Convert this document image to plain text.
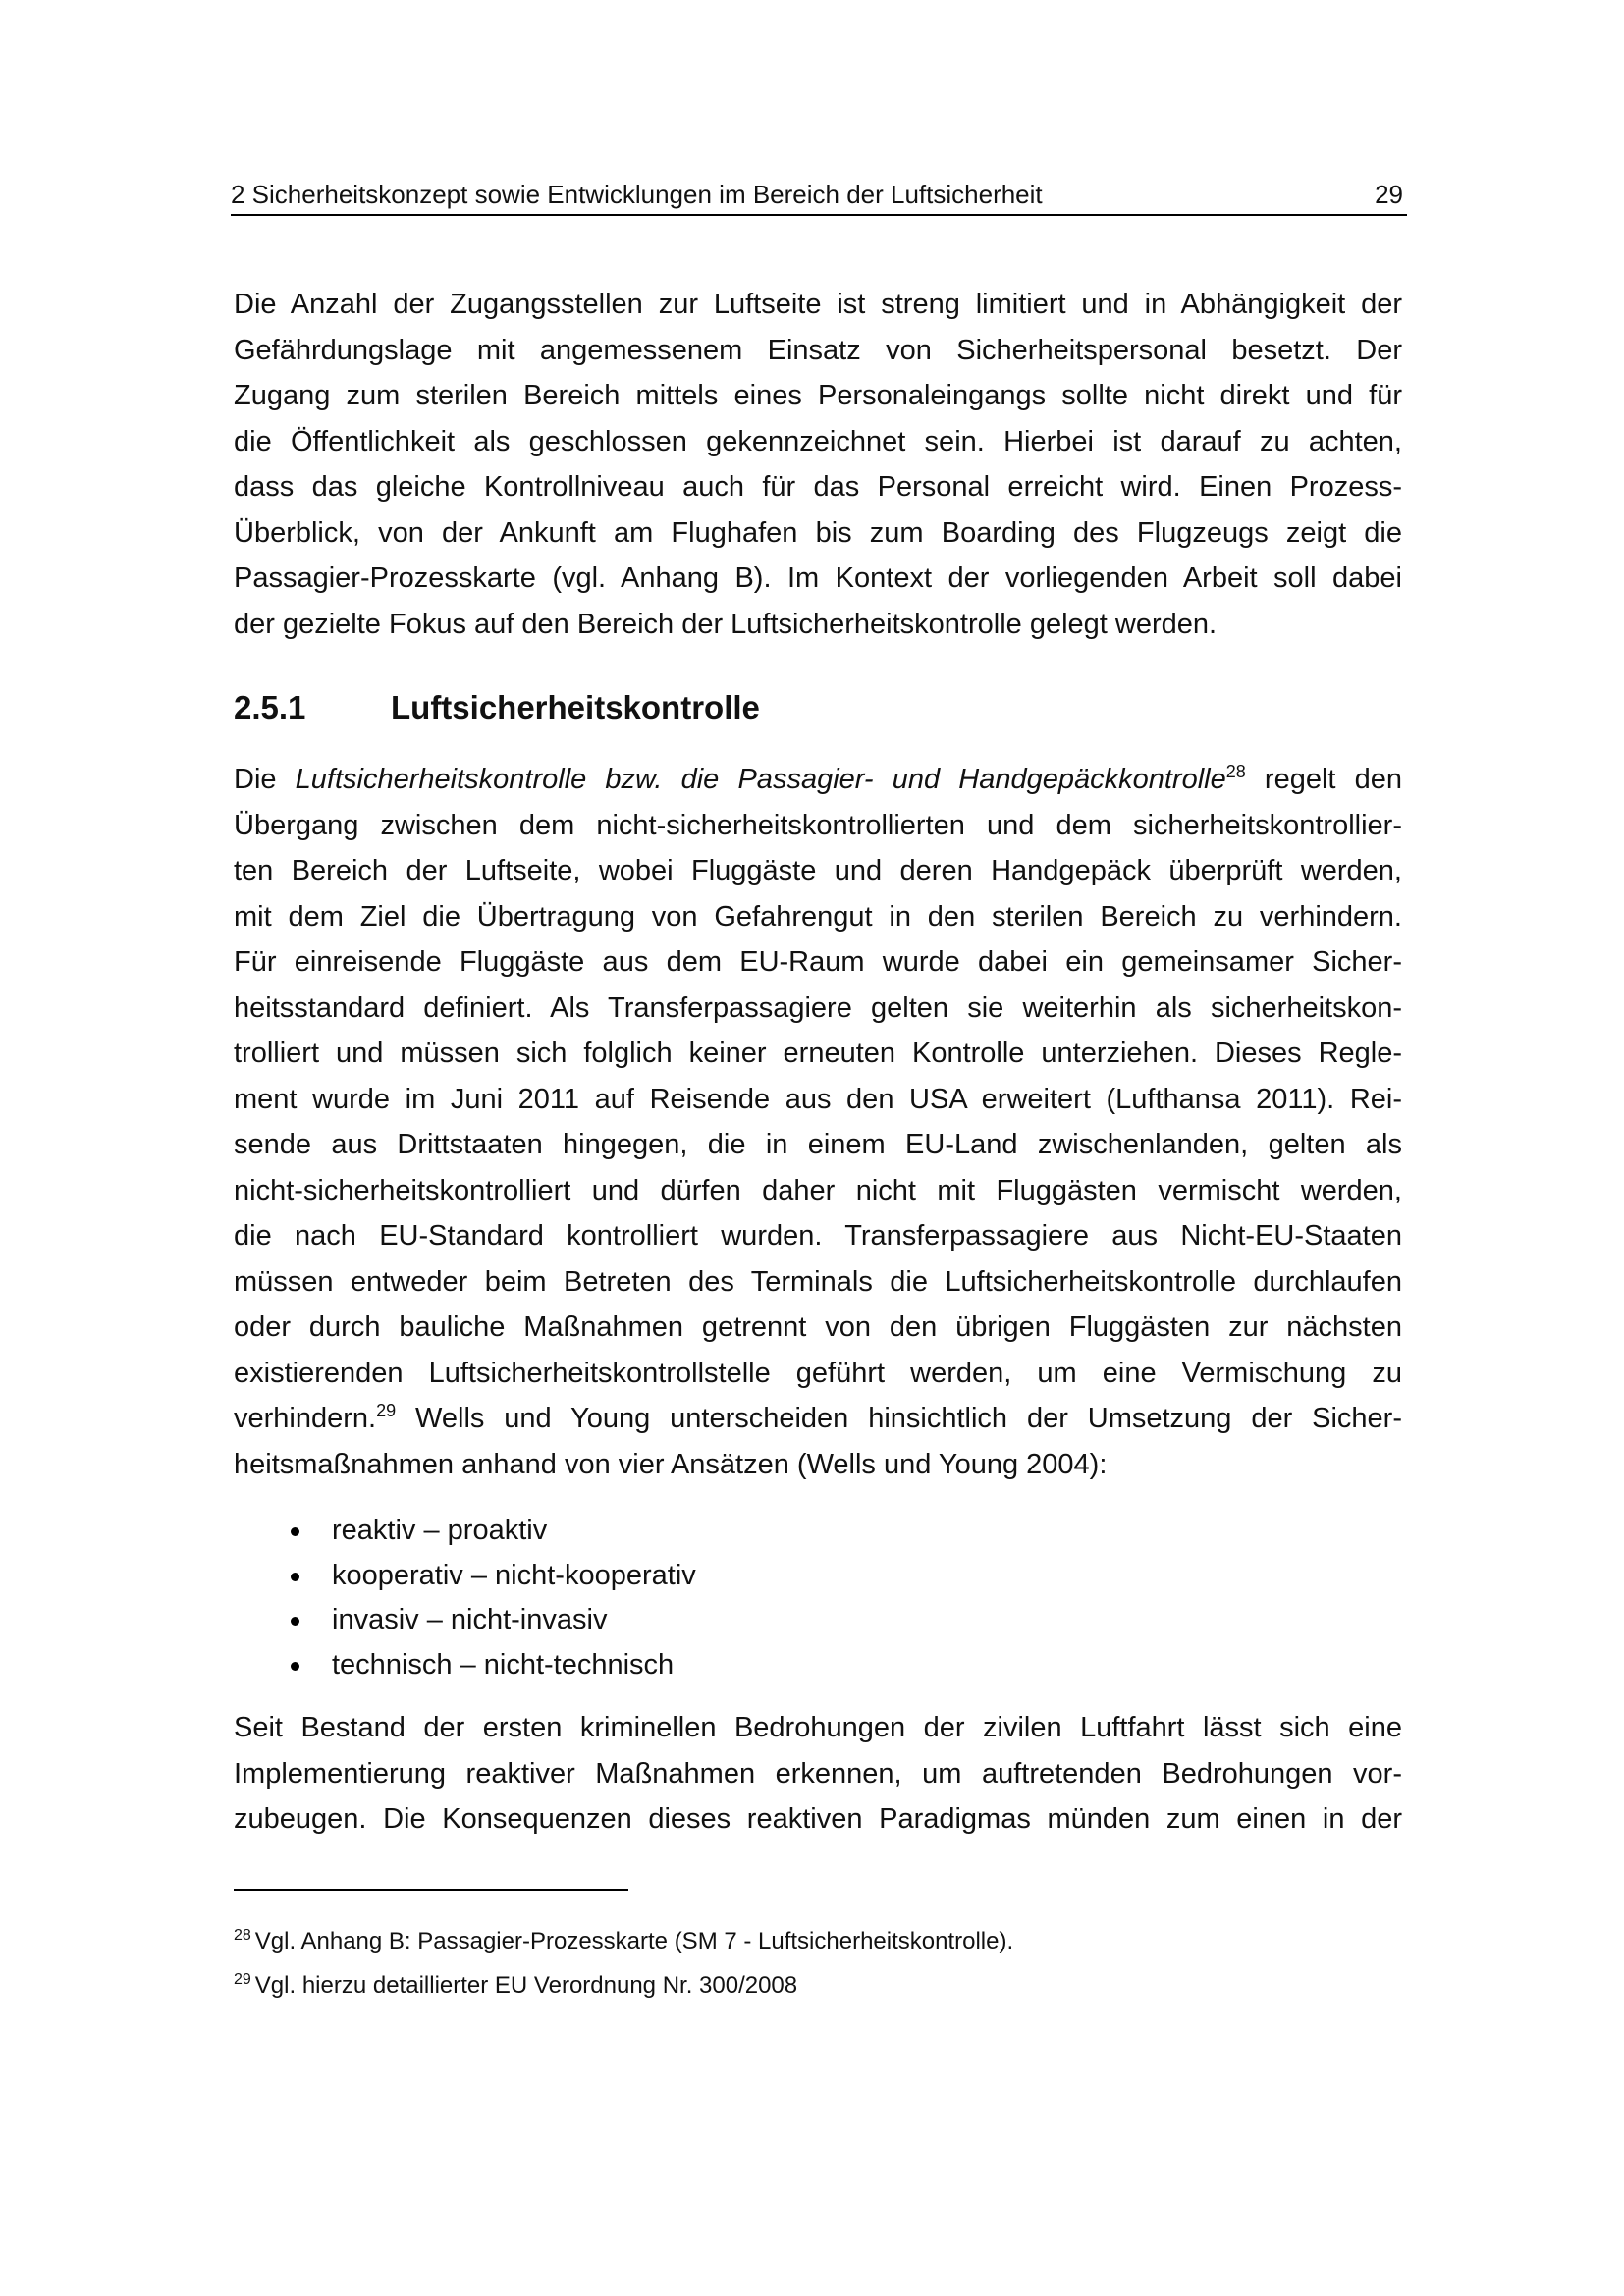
2 Sicherheitskonzept sowie Entwicklungen im Bereich der Luftsicherheit	29
Die Anzahl der Zugangsstellen zur Luftseite ist streng limitiert und in Abhängigkeit der
Gefährdungslage mit angemessenem Einsatz von Sicherheitspersonal besetzt. Der
Zugang zum sterilen Bereich mittels eines Personaleingangs sollte nicht direkt und für
die Öffentlichkeit als geschlossen gekennzeichnet sein. Hierbei ist darauf zu achten,
dass das gleiche Kontrollniveau auch für das Personal erreicht wird. Einen Prozess-
Überblick, von der Ankunft am Flughafen bis zum Boarding des Flugzeugs zeigt die
Passagier-Prozesskarte (vgl. Anhang B). Im Kontext der vorliegenden Arbeit soll dabei
der gezielte Fokus auf den Bereich der Luftsicherheitskontrolle gelegt werden.
2.5.1	Luftsicherheitskontrolle
Die Luftsicherheitskontrolle bzw. die Passagier- und Handgepäckkontrolle$^{28}$ regelt den
Übergang zwischen dem nicht-sicherheitskontrollierten und dem sicherheitskontrollier-
ten Bereich der Luftseite, wobei Fluggäste und deren Handgepäck überprüft werden,
mit dem Ziel die Übertragung von Gefahrengut in den sterilen Bereich zu verhindern.
Für einreisende Fluggäste aus dem EU-Raum wurde dabei ein gemeinsamer Sicher-
heitsstandard definiert. Als Transferpassagiere gelten sie weiterhin als sicherheitskon-
trolliert und müssen sich folglich keiner erneuten Kontrolle unterziehen. Dieses Regle-
ment wurde im Juni 2011 auf Reisende aus den USA erweitert (Lufthansa 2011). Rei-
sende aus Drittstaaten hingegen, die in einem EU-Land zwischenlanden, gelten als
nicht-sicherheitskontrolliert und dürfen daher nicht mit Fluggästen vermischt werden,
die nach EU-Standard kontrolliert wurden. Transferpassagiere aus Nicht-EU-Staaten
müssen entweder beim Betreten des Terminals die Luftsicherheitskontrolle durchlaufen
oder durch bauliche Maßnahmen getrennt von den übrigen Fluggästen zur nächsten
existierenden Luftsicherheitskontrollstelle geführt werden, um eine Vermischung zu
verhindern.$^{29}$ Wells und Young unterscheiden hinsichtlich der Umsetzung der Sicher-
heitsmaßnahmen anhand von vier Ansätzen (Wells und Young 2004):
reaktiv – proaktiv
kooperativ – nicht-kooperativ
invasiv – nicht-invasiv
technisch – nicht-technisch
Seit Bestand der ersten kriminellen Bedrohungen der zivilen Luftfahrt lässt sich eine
Implementierung reaktiver Maßnahmen erkennen, um auftretenden Bedrohungen vor-
zubeugen. Die Konsequenzen dieses reaktiven Paradigmas münden zum einen in der
$^{28}$ Vgl. Anhang B: Passagier-Prozesskarte (SM 7 - Luftsicherheitskontrolle).
$^{29}$ Vgl. hierzu detaillierter EU Verordnung Nr. 300/2008
